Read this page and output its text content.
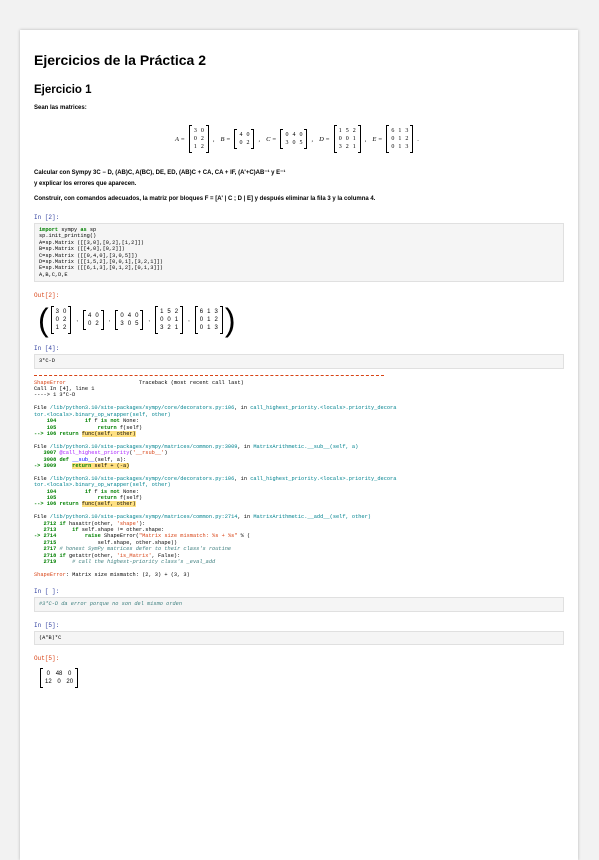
Ejercicios de la Práctica 2
Ejercicio 1
Sean las matrices:
A =
3	0
0	2
1	2
, B =
4	0
0	2
, C =
0	4	0
3	0	5
, D =
1	5	2
0	0	1
3	2	1
, E =
6	1	3
0	1	2
0	1	3
.
Calcular con Sympy 3C − D, (AB)C, A(BC), DE, ED, (AB)C + CA, CA + IF, (A'+C)AB⁻¹ y E⁻¹
y explicar los errores que aparecen.
Construir, con comandos adecuados, la matriz por bloques F = [A' | C ; D | E] y después eliminar la fila 3 y la columna 4.
In [2]:
import sympy as sp
sp.init_printing()
A=sp.Matrix ([[3,0],[0,2],[1,2]])
B=sp.Matrix ([[4,0],[0,2]])
C=sp.Matrix ([[0,4,0],[3,0,5]])
D=sp.Matrix ([[1,5,2],[0,0,1],[3,2,1]])
E=sp.Matrix ([[6,1,3],[0,1,2],[0,1,3]])
A,B,C,D,E
Out[2]:
( 3	0
0	2
1	2
,
4	0
0	2
,
0	4	0
3	0	5
,
1	5	2
0	0	1
3	2	1
,
6	1	3
0	1	2
0	1	3 )
In [4]:
3*C-D
ShapeError	Traceback (most recent call last)
Call In [4], line 1
----> 1 3*C-D

File /lib/python3.10/site-packages/sympy/core/decorators.py:106, in call_highest_priority.<locals>.priority_decora
tor.<locals>.binary_op_wrapper(self, other)
104	if f is not None:
105	return f(self)
--> 106 return func(self, other)

File /lib/python3.10/site-packages/sympy/matrices/common.py:3009, in MatrixArithmetic.__sub__(self, a)
3007 @call_highest_priority('__rsub__')
3008 def __sub__(self, a):
-> 3009	return self + (-a)

File /lib/python3.10/site-packages/sympy/core/decorators.py:106, in call_highest_priority.<locals>.priority_decora
tor.<locals>.binary_op_wrapper(self, other)
104	if f is not None:
105	return f(self)
--> 106 return func(self, other)

File /lib/python3.10/site-packages/sympy/matrices/common.py:2714, in MatrixArithmetic.__add__(self, other)
2712 if hasattr(other, 'shape'):
2713	if self.shape != other.shape:
-> 2714	raise ShapeError("Matrix size mismatch: %s + %s" % (
2715	self.shape, other.shape))
2717 # honest SymPy matrices defer to their class's routine
2718 if getattr(other, 'is_Matrix', False):
2719	# call the highest-priority class's _eval_add

ShapeError: Matrix size mismatch: (2, 3) + (3, 3)
In [ ]:
#3*C-D da error porque no son del mismo orden
In [5]:
(A*B)*C
Out[5]:
0	48	0
12	0	20
